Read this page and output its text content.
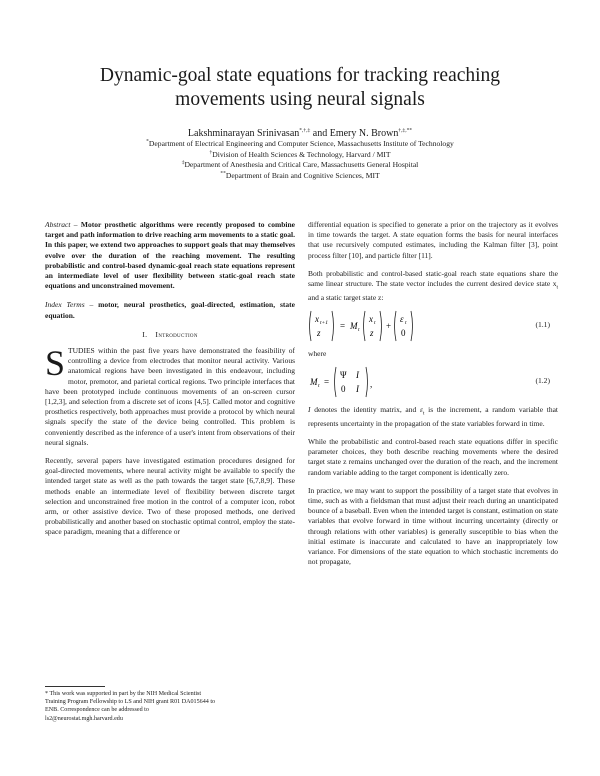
Dynamic-goal state equations for tracking reaching
movements using neural signals
Lakshminarayan Srinivasan*,†,‡ and Emery N. Brown†,‡,**
*Department of Electrical Engineering and Computer Science, Massachusetts Institute of Technology
†Division of Health Sciences & Technology, Harvard / MIT
‡Department of Anesthesia and Critical Care, Massachusetts General Hospital
**Department of Brain and Cognitive Sciences, MIT

Abstract – Motor prosthetic algorithms were recently proposed to combine target and path information to drive reaching arm movements to a static goal. In this paper, we extend two approaches to support goals that may themselves evolve over the duration of the reaching movement. The resulting probabilistic and control-based dynamic-goal reach state equations represent an intermediate level of user flexibility between static-goal reach state equations and unconstrained movement.

Index Terms – motor, neural prosthetics, goal-directed, estimation, state equation.

I. Introduction

STUDIES within the past five years have demonstrated the feasibility of controlling a device from electrodes that monitor neural activity. Various anatomical regions have been investigated in this endeavour, including motor, premotor, and parietal cortical regions. Two principle interfaces that have been prototyped include continuous movements of an on-screen cursor [1,2,3], and selection from a discrete set of icons [4,5]. Called motor and cognitive prosthetics respectively, both approaches must provide a protocol by which neural signals specify the state of the device being controlled. This problem is conveniently described as the inference of a user's intent from observations of their neural signals.

Recently, several papers have investigated estimation procedures designed for goal-directed movements, where neural activity might be available to specify the intended target state as well as the path towards the target state [6,7,8,9]. These methods enable an intermediate level of flexibility between discrete target selection and unconstrained free motion in the control of a computer icon, robot arm, or other assistive device. Two of these proposed methods, one derived probabilistically and another based on stochastic optimal control, employ the state-space paradigm, meaning that a difference or

* This work was supported in part by the NIH Medical Scientist

Training Program Fellowship to LS and NIH grant R01 DA015644 to

ENB. Correspondence can be addressed to

ls2@neurostat.mgh.harvard.edu

differential equation is specified to generate a prior on the trajectory as it evolves in time towards the target. A state equation forms the basis for neural interfaces that use recursively computed estimates, including the Kalman filter [3], point process filter [10], and particle filter [11].

Both probabilistic and control-based static-goal reach state equations share the same linear structure. The state vector includes the current desired device state $x_t$ and a static target state z:

x t+1
z
= M t
x t
z
+
ε t
0
(1.1)

where

M t =
Ψ I
0 I ,	(1.2)

I denotes the identity matrix, and $\varepsilon_t$ is the increment, a random variable that represents uncertainty in the propagation of the state variables forward in time.

While the probabilistic and control-based reach state equations differ in specific parameter choices, they both describe reaching movements where the desired target state z remains unchanged over the duration of the reach, and the increment random variable adding to the target component is identically zero.

In practice, we may want to support the possibility of a target state that evolves in time, such as with a fieldsman that must adjust their reach during an unanticipated bounce of a baseball. Even when the intended target is constant, estimation on state variables that evolve forward in time without incurring uncertainty (directly or through relations with other variables) is generally susceptible to bias when the initial estimate is inaccurate and calculated to have an inappropriately low variance. For dimensions of the state equation to which stochastic increments do not propagate,
